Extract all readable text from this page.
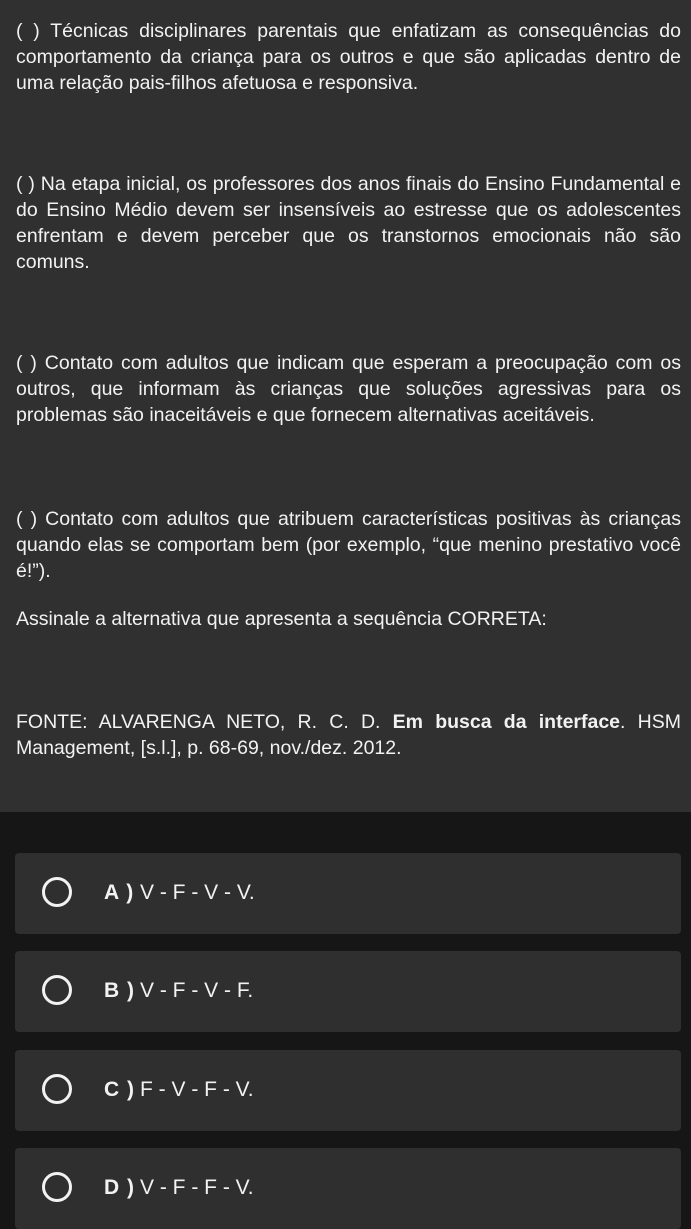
( ) Técnicas disciplinares parentais que enfatizam as consequências do comportamento da criança para os outros e que são aplicadas dentro de uma relação pais-filhos afetuosa e responsiva.

( ) Na etapa inicial, os professores dos anos finais do Ensino Fundamental e do Ensino Médio devem ser insensíveis ao estresse que os adolescentes enfrentam e devem perceber que os transtornos emocionais não são comuns.

( ) Contato com adultos que indicam que esperam a preocupação com os outros, que informam às crianças que soluções agressivas para os problemas são inaceitáveis e que fornecem alternativas aceitáveis.

( ) Contato com adultos que atribuem características positivas às crianças quando elas se comportam bem (por exemplo, “que menino prestativo você é!”).

Assinale a alternativa que apresenta a sequência CORRETA:

FONTE: ALVARENGA NETO, R. C. D. Em busca da interface. HSM Management, [s.l.], p. 68-69, nov./dez. 2012.

A ) V - F - V - V.
B ) V - F - V - F.
C ) F - V - F - V.
D ) V - F - F - V.
